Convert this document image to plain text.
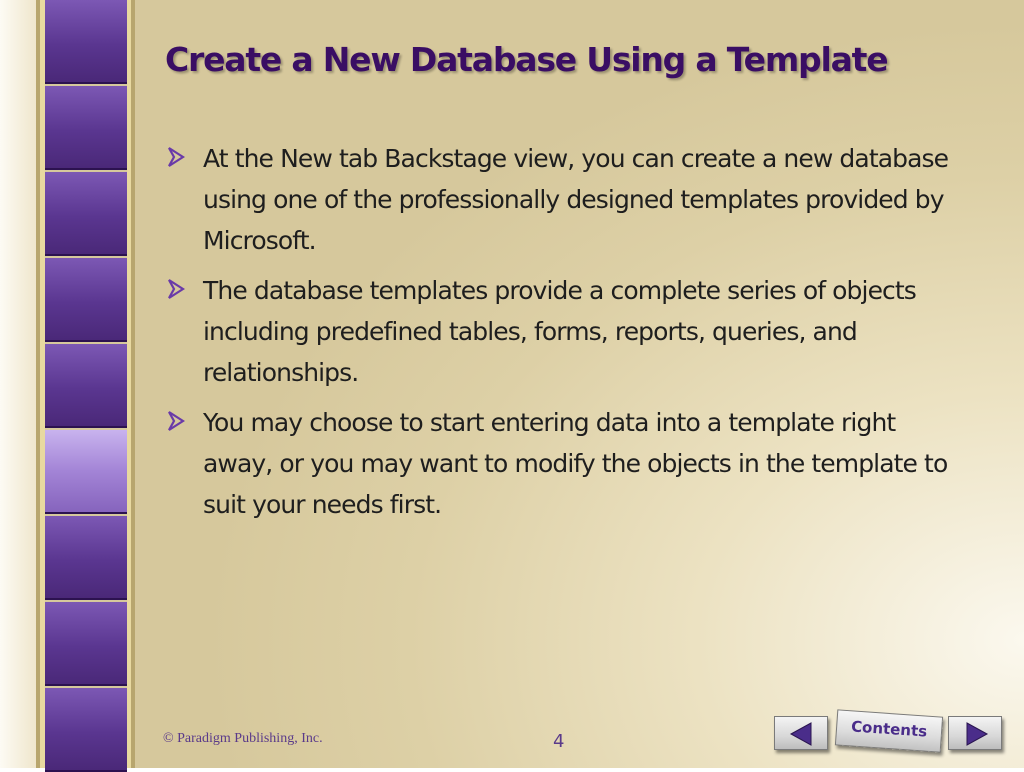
Create a New Database Using a Template
At the New tab Backstage view, you can create a new database using one of the professionally designed templates provided by Microsoft.
The database templates provide a complete series of objects including predefined tables, forms, reports, queries, and relationships.
You may choose to start entering data into a template right away, or you may want to modify the objects in the template to suit your needs first.
© Paradigm Publishing, Inc.	4
Contents
